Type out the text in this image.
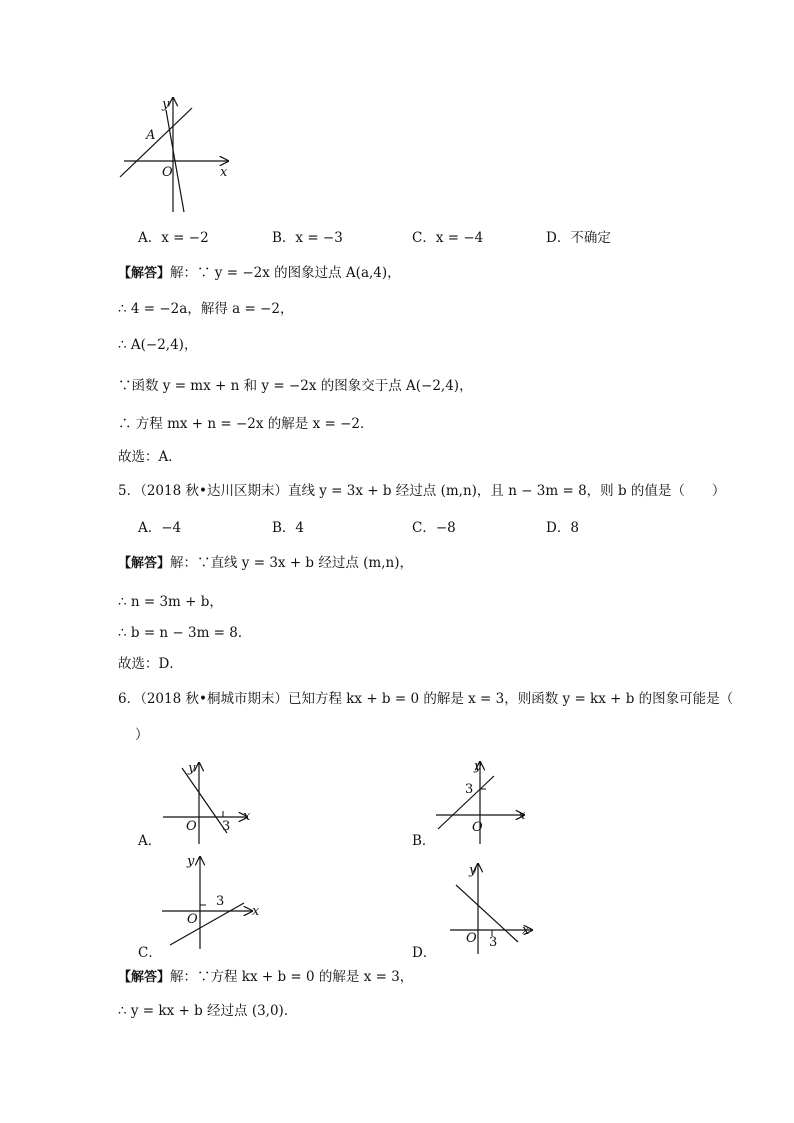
y
x
O
A
A．x = −2	B．x = −3	C．x = −4	D．不确定
【解答】解：∵ y = −2x 的图象过点 A(a,4)，
∴ 4 = −2a，解得 a = −2，
∴ A(−2,4)，
∵函数 y = mx + n 和 y = −2x 的图象交于点 A(−2,4)，
∴ 方程 mx + n = −2x 的解是 x = −2．
故选：A．
5．（2018 秋•达川区期末）直线 y = 3x + b 经过点 (m,n)，且 n − 3m = 8，则 b 的值是（　　）
A．−4	B．4	C．−8	D．8
【解答】解：∵直线 y = 3x + b 经过点 (m,n)，
∴ n = 3m + b，
∴ b = n − 3m = 8．
故选：D．
6．（2018 秋•桐城市期末）已知方程 kx + b = 0 的解是 x = 3，则函数 y = kx + b 的图象可能是（
）
y
x
O 3
A．
y
x
O
3
B．
y
x
O
3
C．
y
x
O 3
D．
【解答】解：∵方程 kx + b = 0 的解是 x = 3，
∴ y = kx + b 经过点 (3,0)．
